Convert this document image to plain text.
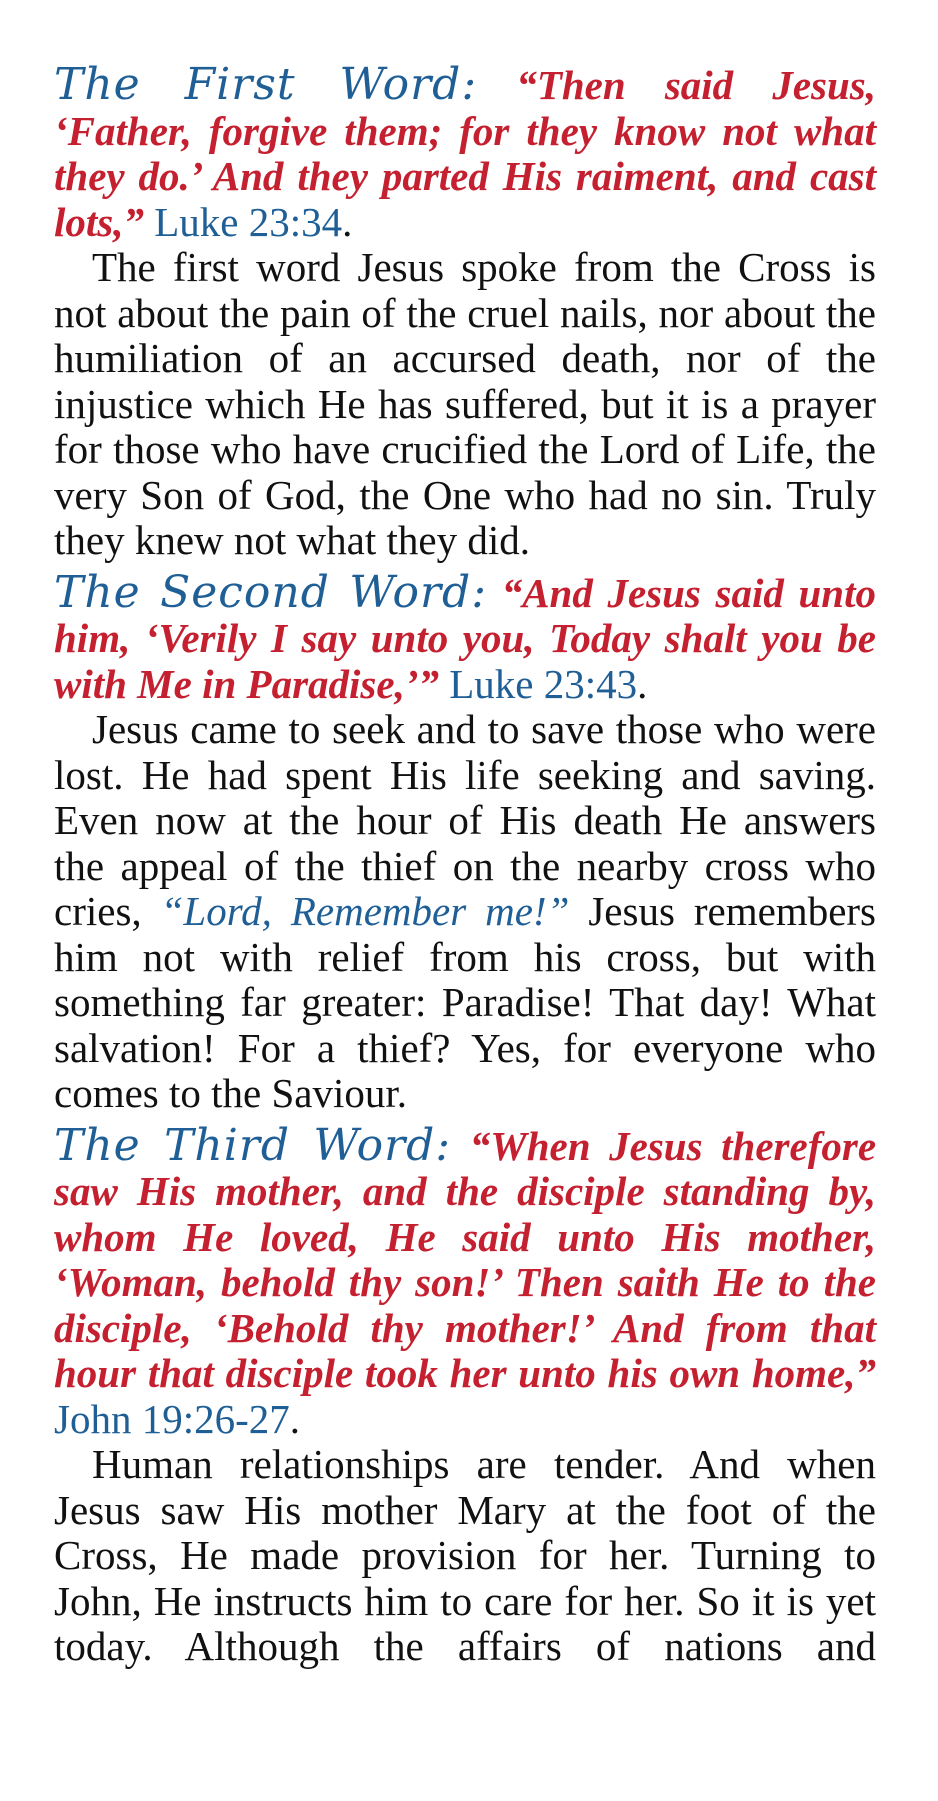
The First Word: “Then said Jesus, ‘Father, forgive them; for they know not what they do.’ And they parted His raiment, and cast lots,” Luke 23:34.

The first word Jesus spoke from the Cross is not about the pain of the cruel nails, nor about the humiliation of an accursed death, nor of the injustice which He has suffered, but it is a prayer for those who have crucified the Lord of Life, the very Son of God, the One who had no sin. Truly they knew not what they did.

The Second Word: “And Jesus said unto him, ‘Verily I say unto you, Today shalt you be with Me in Paradise,’” Luke 23:43.

Jesus came to seek and to save those who were lost. He had spent His life seeking and saving. Even now at the hour of His death He answers the appeal of the thief on the nearby cross who cries, “Lord, Remember me!” Jesus remembers him not with relief from his cross, but with something far greater: Paradise! That day! What salvation! For a thief? Yes, for everyone who comes to the Saviour.

The Third Word: “When Jesus therefore saw His mother, and the disciple standing by, whom He loved, He said unto His mother, ‘Woman, behold thy son!’ Then saith He to the disciple, ‘Behold thy mother!’ And from that hour that disciple took her unto his own home,” John 19:26-27.

Human relationships are tender. And when Jesus saw His mother Mary at the foot of the Cross, He made provision for her. Turning to John, He instructs him to care for her. So it is yet today. Although the affairs of nations and
